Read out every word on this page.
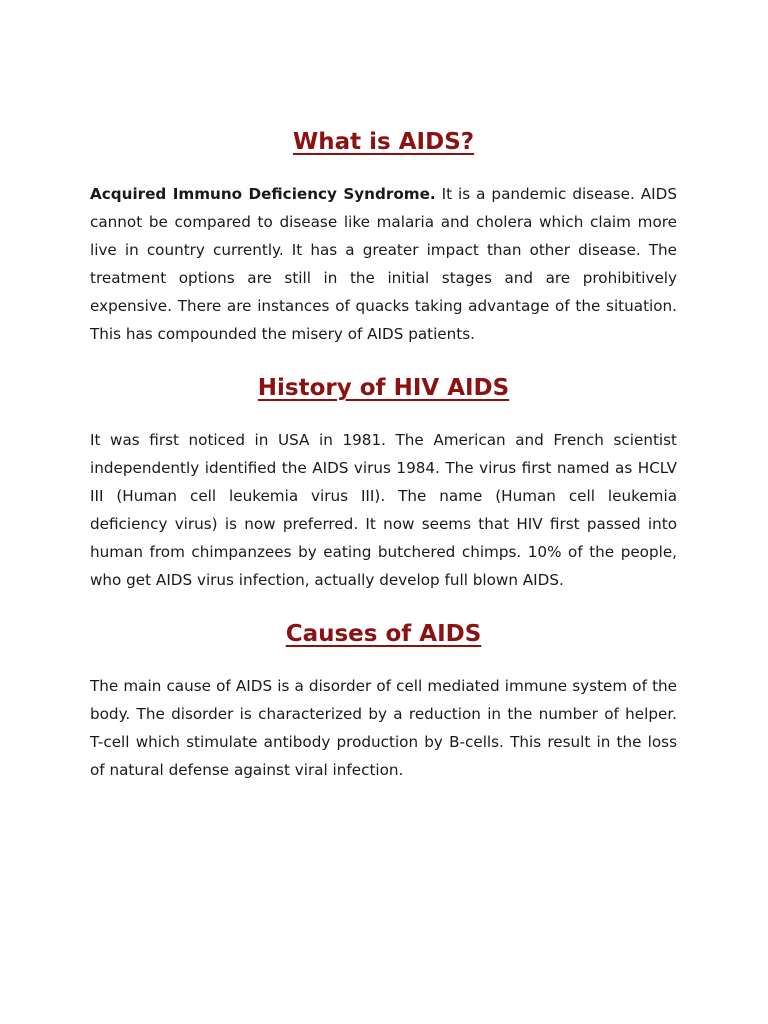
What is AIDS?

Acquired Immuno Deficiency Syndrome. It is a pandemic disease. AIDS cannot be compared to disease like malaria and cholera which claim more live in country currently. It has a greater impact than other disease. The treatment options are still in the initial stages and are prohibitively expensive. There are instances of quacks taking advantage of the situation. This has compounded the misery of AIDS patients.

History of HIV AIDS

It was first noticed in USA in 1981. The American and French scientist independently identified the AIDS virus 1984. The virus first named as HCLV III (Human cell leukemia virus III). The name (Human cell leukemia deficiency virus) is now preferred. It now seems that HIV first passed into human from chimpanzees by eating butchered chimps. 10% of the people, who get AIDS virus infection, actually develop full blown AIDS.

Causes of AIDS

The main cause of AIDS is a disorder of cell mediated immune system of the body. The disorder is characterized by a reduction in the number of helper. T-cell which stimulate antibody production by B-cells. This result in the loss of natural defense against viral infection.
